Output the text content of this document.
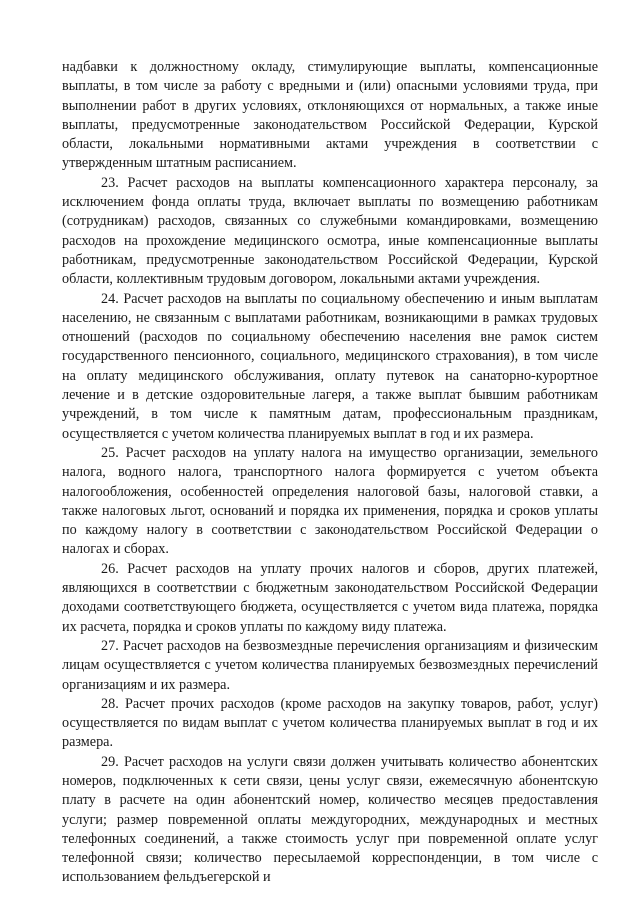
надбавки к должностному окладу, стимулирующие выплаты, компенсационные выплаты, в том числе за работу с вредными и (или) опасными условиями труда, при выполнении работ в других условиях, отклоняющихся от нормальных, а также иные выплаты, предусмотренные законодательством Российской Федерации, Курской области, локальными нормативными актами учреждения в соответствии с утвержденным штатным расписанием.

23. Расчет расходов на выплаты компенсационного характера персоналу, за исключением фонда оплаты труда, включает выплаты по возмещению работникам (сотрудникам) расходов, связанных со служебными командировками, возмещению расходов на прохождение медицинского осмотра, иные компенсационные выплаты работникам, предусмотренные законодательством Российской Федерации, Курской области, коллективным трудовым договором, локальными актами учреждения.

24. Расчет расходов на выплаты по социальному обеспечению и иным выплатам населению, не связанным с выплатами работникам, возникающими в рамках трудовых отношений (расходов по социальному обеспечению населения вне рамок систем государственного пенсионного, социального, медицинского страхования), в том числе на оплату медицинского обслуживания, оплату путевок на санаторно-курортное лечение и в детские оздоровительные лагеря, а также выплат бывшим работникам учреждений, в том числе к памятным датам, профессиональным праздникам, осуществляется с учетом количества планируемых выплат в год и их размера.

25. Расчет расходов на уплату налога на имущество организации, земельного налога, водного налога, транспортного налога формируется с учетом объекта налогообложения, особенностей определения налоговой базы, налоговой ставки, а также налоговых льгот, оснований и порядка их применения, порядка и сроков уплаты по каждому налогу в соответствии с законодательством Российской Федерации о налогах и сборах.

26. Расчет расходов на уплату прочих налогов и сборов, других платежей, являющихся в соответствии с бюджетным законодательством Российской Федерации доходами соответствующего бюджета, осуществляется с учетом вида платежа, порядка их расчета, порядка и сроков уплаты по каждому виду платежа.

27. Расчет расходов на безвозмездные перечисления организациям и физическим лицам осуществляется с учетом количества планируемых безвозмездных перечислений организациям и их размера.

28. Расчет прочих расходов (кроме расходов на закупку товаров, работ, услуг) осуществляется по видам выплат с учетом количества планируемых выплат в год и их размера.

29. Расчет расходов на услуги связи должен учитывать количество абонентских номеров, подключенных к сети связи, цены услуг связи, ежемесячную абонентскую плату в расчете на один абонентский номер, количество месяцев предоставления услуги; размер повременной оплаты междугородних, международных и местных телефонных соединений, а также стоимость услуг при повременной оплате услуг телефонной связи; количество пересылаемой корреспонденции, в том числе с использованием фельдъегерской и
